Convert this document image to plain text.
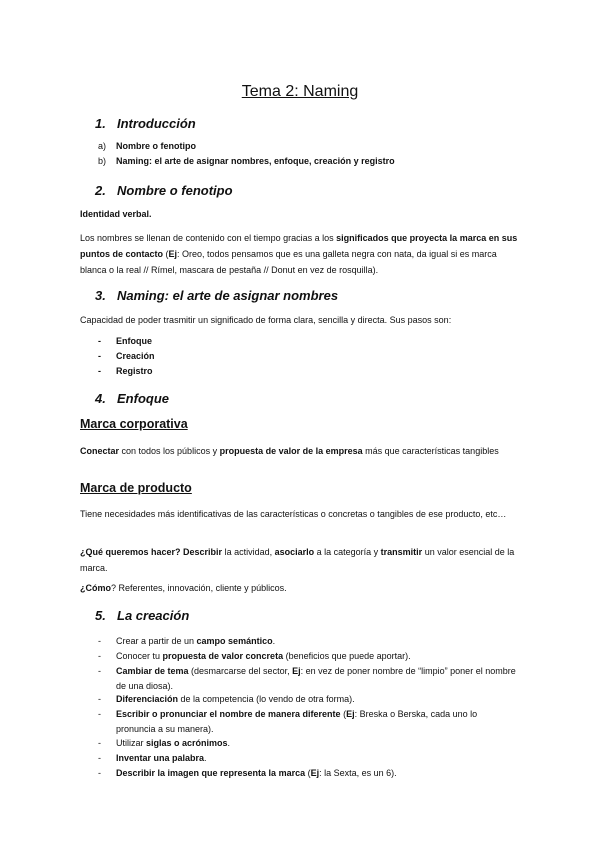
Tema 2: Naming
1. Introducción
a) Nombre o fenotipo
b) Naming: el arte de asignar nombres, enfoque, creación y registro
2. Nombre o fenotipo
Identidad verbal.
Los nombres se llenan de contenido con el tiempo gracias a los significados que proyecta la marca en sus puntos de contacto (Ej: Oreo, todos pensamos que es una galleta negra con nata, da igual si es marca blanca o la real // Rímel, mascara de pestaña // Donut en vez de rosquilla).
3. Naming: el arte de asignar nombres
Capacidad de poder trasmitir un significado de forma clara, sencilla y directa. Sus pasos son:
- Enfoque
- Creación
- Registro
4. Enfoque
Marca corporativa
Conectar con todos los públicos y propuesta de valor de la empresa más que características tangibles
Marca de producto
Tiene necesidades más identificativas de las características o concretas o tangibles de ese producto, etc…
¿Qué queremos hacer? Describir la actividad, asociarlo a la categoría y transmitir un valor esencial de la marca.
¿Cómo? Referentes, innovación, cliente y públicos.
5. La creación
- Crear a partir de un campo semántico.
- Conocer tu propuesta de valor concreta (beneficios que puede aportar).
- Cambiar de tema (desmarcarse del sector, Ej: en vez de poner nombre de “limpio” poner el nombre de una diosa).
- Diferenciación de la competencia (lo vendo de otra forma).
- Escribir o pronunciar el nombre de manera diferente (Ej: Breska o Berska, cada uno lo pronuncia a su manera).
- Utilizar siglas o acrónimos.
- Inventar una palabra.
- Describir la imagen que representa la marca (Ej: la Sexta, es un 6).
